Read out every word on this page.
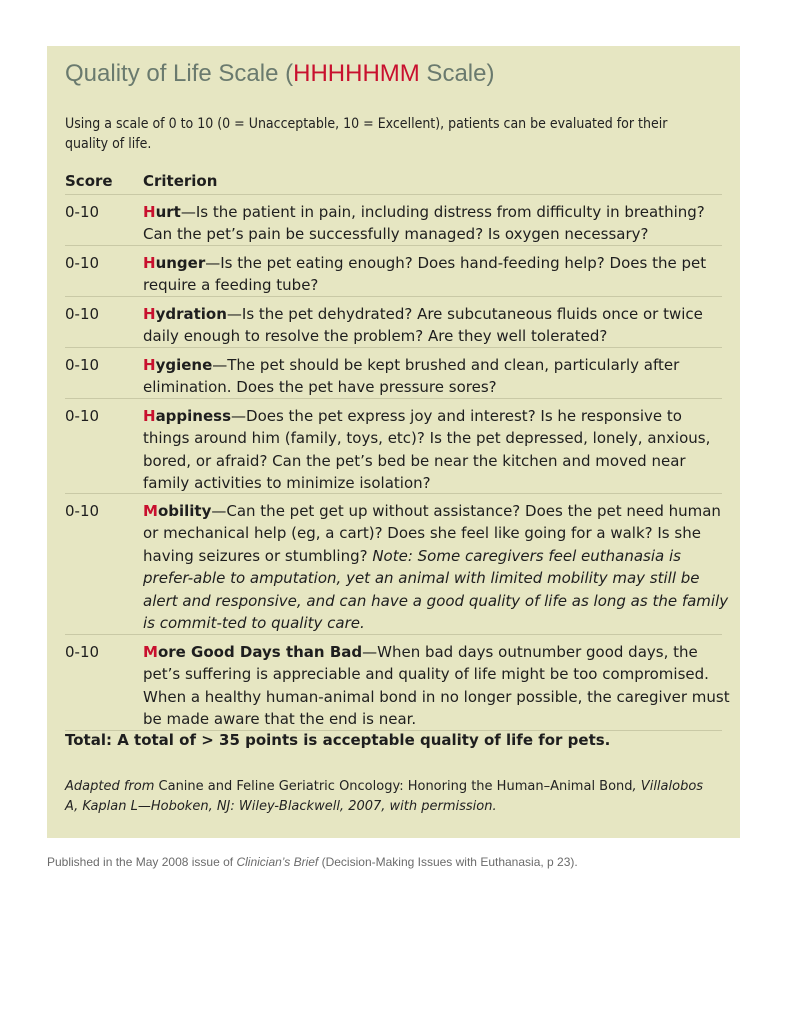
Quality of Life Scale (HHHHHMM Scale)
Using a scale of 0 to 10 (0 = Unacceptable, 10 = Excellent), patients can be evaluated for their quality of life.
Score Criterion
0-10	Hurt—Is the patient in pain, including distress from difficulty in breathing? Can the pet’s pain be successfully managed? Is oxygen necessary?
0-10	Hunger—Is the pet eating enough? Does hand-feeding help? Does the pet require a feeding tube?
0-10	Hydration—Is the pet dehydrated? Are subcutaneous fluids once or twice daily enough to resolve the problem? Are they well tolerated?
0-10	Hygiene—The pet should be kept brushed and clean, particularly after elimination. Does the pet have pressure sores?
0-10	Happiness—Does the pet express joy and interest? Is he responsive to things around him (family, toys, etc)? Is the pet depressed, lonely, anxious, bored, or afraid? Can the pet’s bed be near the kitchen and moved near family activities to minimize isolation?
0-10	Mobility—Can the pet get up without assistance? Does the pet need human or mechanical help (eg, a cart)? Does she feel like going for a walk? Is she having seizures or stumbling? Note: Some caregivers feel euthanasia is prefer-able to amputation, yet an animal with limited mobility may still be alert and responsive, and can have a good quality of life as long as the family is commit-ted to quality care.
0-10	More Good Days than Bad—When bad days outnumber good days, the pet’s suffering is appreciable and quality of life might be too compromised. When a healthy human-animal bond in no longer possible, the caregiver must be made aware that the end is near.
Total: A total of > 35 points is acceptable quality of life for pets.
Adapted from Canine and Feline Geriatric Oncology: Honoring the Human–Animal Bond, Villalobos A, Kaplan L—Hoboken, NJ: Wiley-Blackwell, 2007, with permission.
Published in the May 2008 issue of Clinician’s Brief (Decision-Making Issues with Euthanasia, p 23).
